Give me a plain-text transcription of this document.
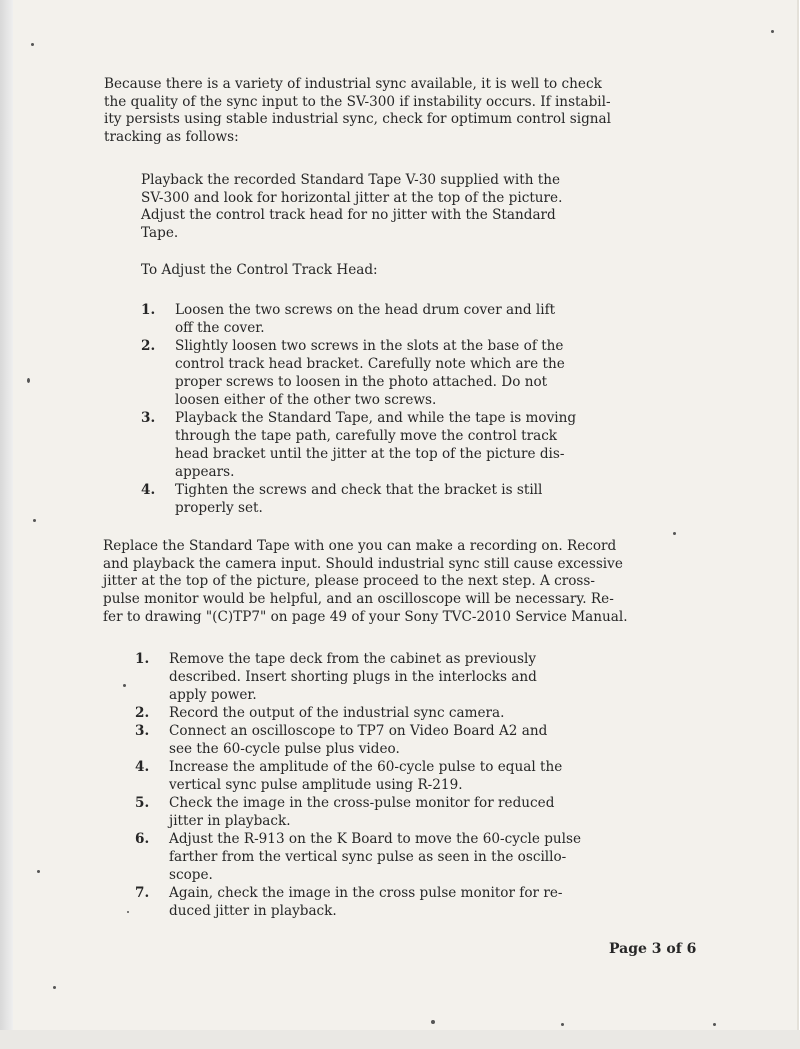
Because there is a variety of industrial sync available, it is well to check
the quality of the sync input to the SV-300 if instability occurs. If instabil-
ity persists using stable industrial sync, check for optimum control signal
tracking as follows:

Playback the recorded Standard Tape V-30 supplied with the
SV-300 and look for horizontal jitter at the top of the picture.
Adjust the control track head for no jitter with the Standard
Tape.

To Adjust the Control Track Head:

1. Loosen the two screws on the head drum cover and lift
off the cover.
2. Slightly loosen two screws in the slots at the base of the
control track head bracket. Carefully note which are the
proper screws to loosen in the photo attached. Do not
loosen either of the other two screws.
3. Playback the Standard Tape, and while the tape is moving
through the tape path, carefully move the control track
head bracket until the jitter at the top of the picture dis-
appears.
4. Tighten the screws and check that the bracket is still
properly set.

Replace the Standard Tape with one you can make a recording on. Record
and playback the camera input. Should industrial sync still cause excessive
jitter at the top of the picture, please proceed to the next step. A cross-
pulse monitor would be helpful, and an oscilloscope will be necessary. Re-
fer to drawing "(C)TP7" on page 49 of your Sony TVC-2010 Service Manual.

1. Remove the tape deck from the cabinet as previously
described. Insert shorting plugs in the interlocks and
apply power.
2. Record the output of the industrial sync camera.
3. Connect an oscilloscope to TP7 on Video Board A2 and
see the 60-cycle pulse plus video.
4. Increase the amplitude of the 60-cycle pulse to equal the
vertical sync pulse amplitude using R-219.
5. Check the image in the cross-pulse monitor for reduced
jitter in playback.
6. Adjust the R-913 on the K Board to move the 60-cycle pulse
farther from the vertical sync pulse as seen in the oscillo-
scope.
7. Again, check the image in the cross pulse monitor for re-
duced jitter in playback.

Page 3 of 6
